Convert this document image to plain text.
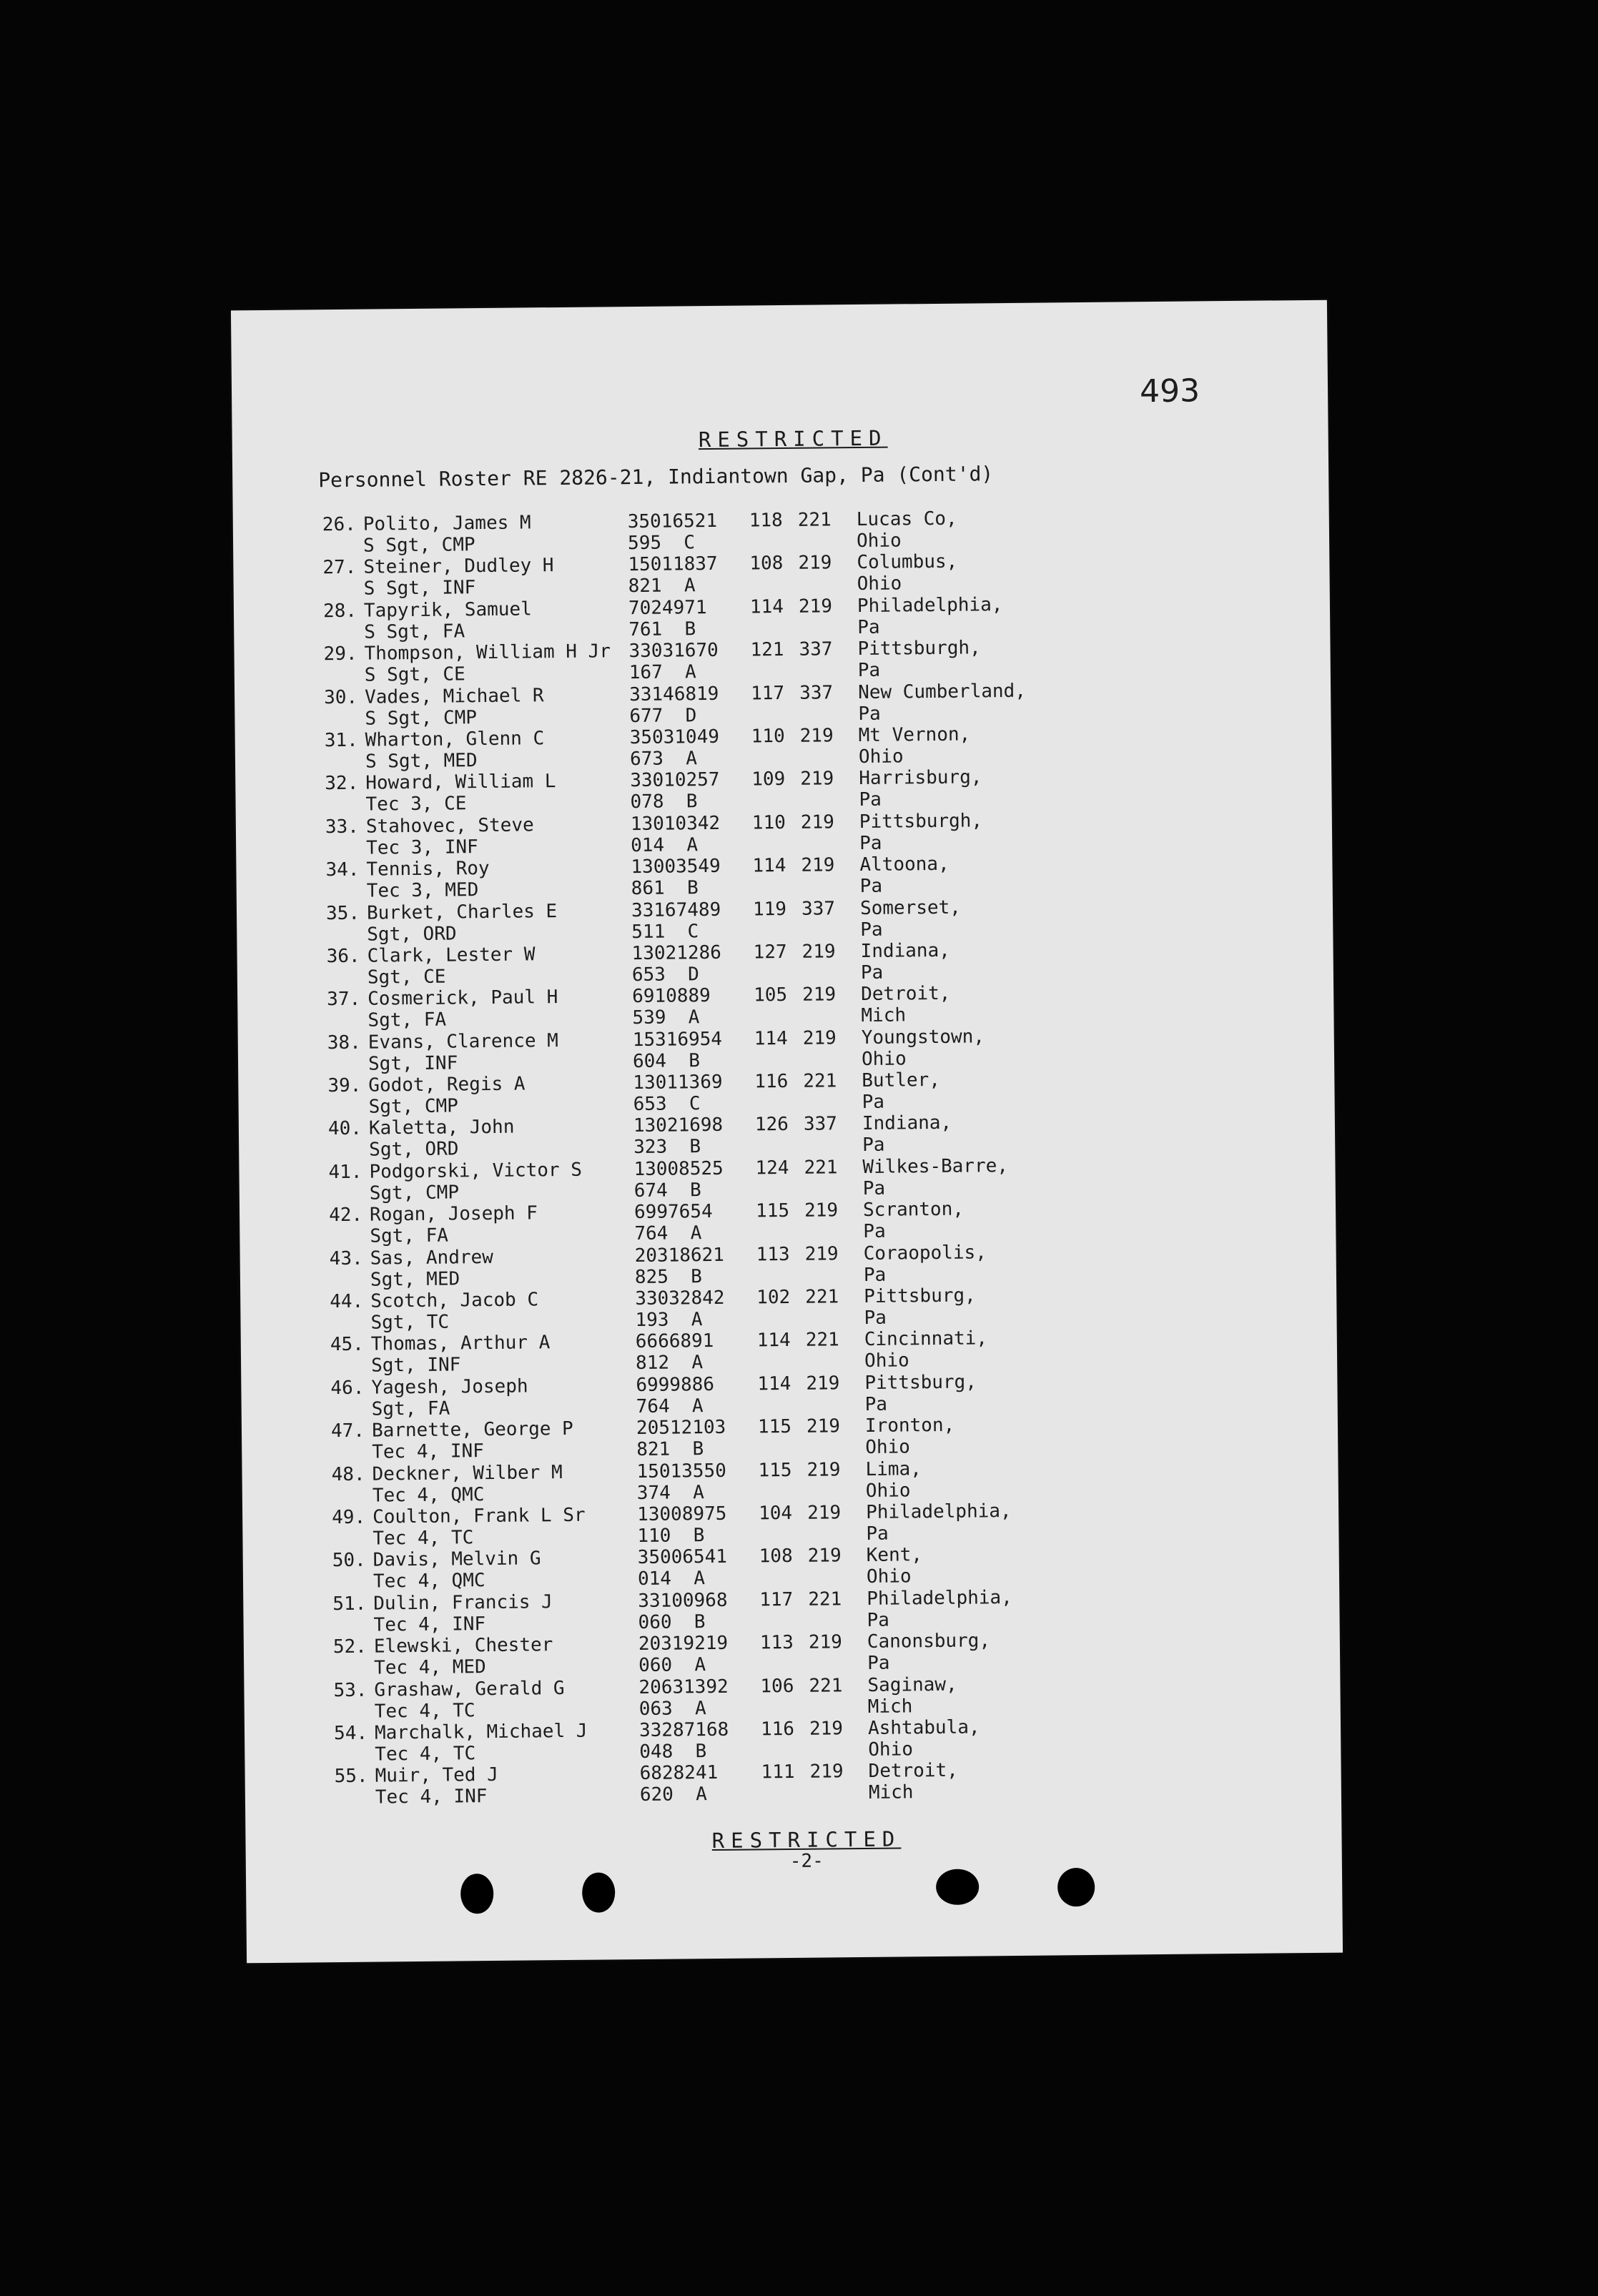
493
RESTRICTED
Personnel Roster RE 2826-21, Indiantown Gap, Pa (Cont'd)
26. Polito, James M
S Sgt, CMP
35016521
595  C
118 221 Lucas Co,
Ohio
27. Steiner, Dudley H
S Sgt, INF
15011837
821  A
108 219 Columbus,
Ohio
28. Tapyrik, Samuel
S Sgt, FA
7024971
761  B
114 219 Philadelphia,
Pa
29. Thompson, William H Jr
S Sgt, CE
33031670
167  A
121 337 Pittsburgh,
Pa
30. Vades, Michael R
S Sgt, CMP
33146819
677  D
117 337 New Cumberland,
Pa
31. Wharton, Glenn C
S Sgt, MED
35031049
673  A
110 219 Mt Vernon,
Ohio
32. Howard, William L
Tec 3, CE
33010257
078  B
109 219 Harrisburg,
Pa
33. Stahovec, Steve
Tec 3, INF
13010342
014  A
110 219 Pittsburgh,
Pa
34. Tennis, Roy
Tec 3, MED
13003549
861  B
114 219 Altoona,
Pa
35. Burket, Charles E
Sgt, ORD
33167489
511  C
119 337 Somerset,
Pa
36. Clark, Lester W
Sgt, CE
13021286
653  D
127 219 Indiana,
Pa
37. Cosmerick, Paul H
Sgt, FA
6910889
539  A
105 219 Detroit,
Mich
38. Evans, Clarence M
Sgt, INF
15316954
604  B
114 219 Youngstown,
Ohio
39. Godot, Regis A
Sgt, CMP
13011369
653  C
116 221 Butler,
Pa
40. Kaletta, John
Sgt, ORD
13021698
323  B
126 337 Indiana,
Pa
41. Podgorski, Victor S
Sgt, CMP
13008525
674  B
124 221 Wilkes-Barre,
Pa
42. Rogan, Joseph F
Sgt, FA
6997654
764  A
115 219 Scranton,
Pa
43. Sas, Andrew
Sgt, MED
20318621
825  B
113 219 Coraopolis,
Pa
44. Scotch, Jacob C
Sgt, TC
33032842
193  A
102 221 Pittsburg,
Pa
45. Thomas, Arthur A
Sgt, INF
6666891
812  A
114 221 Cincinnati,
Ohio
46. Yagesh, Joseph
Sgt, FA
6999886
764  A
114 219 Pittsburg,
Pa
47. Barnette, George P
Tec 4, INF
20512103
821  B
115 219 Ironton,
Ohio
48. Deckner, Wilber M
Tec 4, QMC
15013550
374  A
115 219 Lima,
Ohio
49. Coulton, Frank L Sr
Tec 4, TC
13008975
110  B
104 219 Philadelphia,
Pa
50. Davis, Melvin G
Tec 4, QMC
35006541
014  A
108 219 Kent,
Ohio
51. Dulin, Francis J
Tec 4, INF
33100968
060  B
117 221 Philadelphia,
Pa
52. Elewski, Chester
Tec 4, MED
20319219
060  A
113 219 Canonsburg,
Pa
53. Grashaw, Gerald G
Tec 4, TC
20631392
063  A
106 221 Saginaw,
Mich
54. Marchalk, Michael J
Tec 4, TC
33287168
048  B
116 219 Ashtabula,
Ohio
55. Muir, Ted J
Tec 4, INF
6828241
620  A
111 219 Detroit,
Mich
RESTRICTED
-2-
